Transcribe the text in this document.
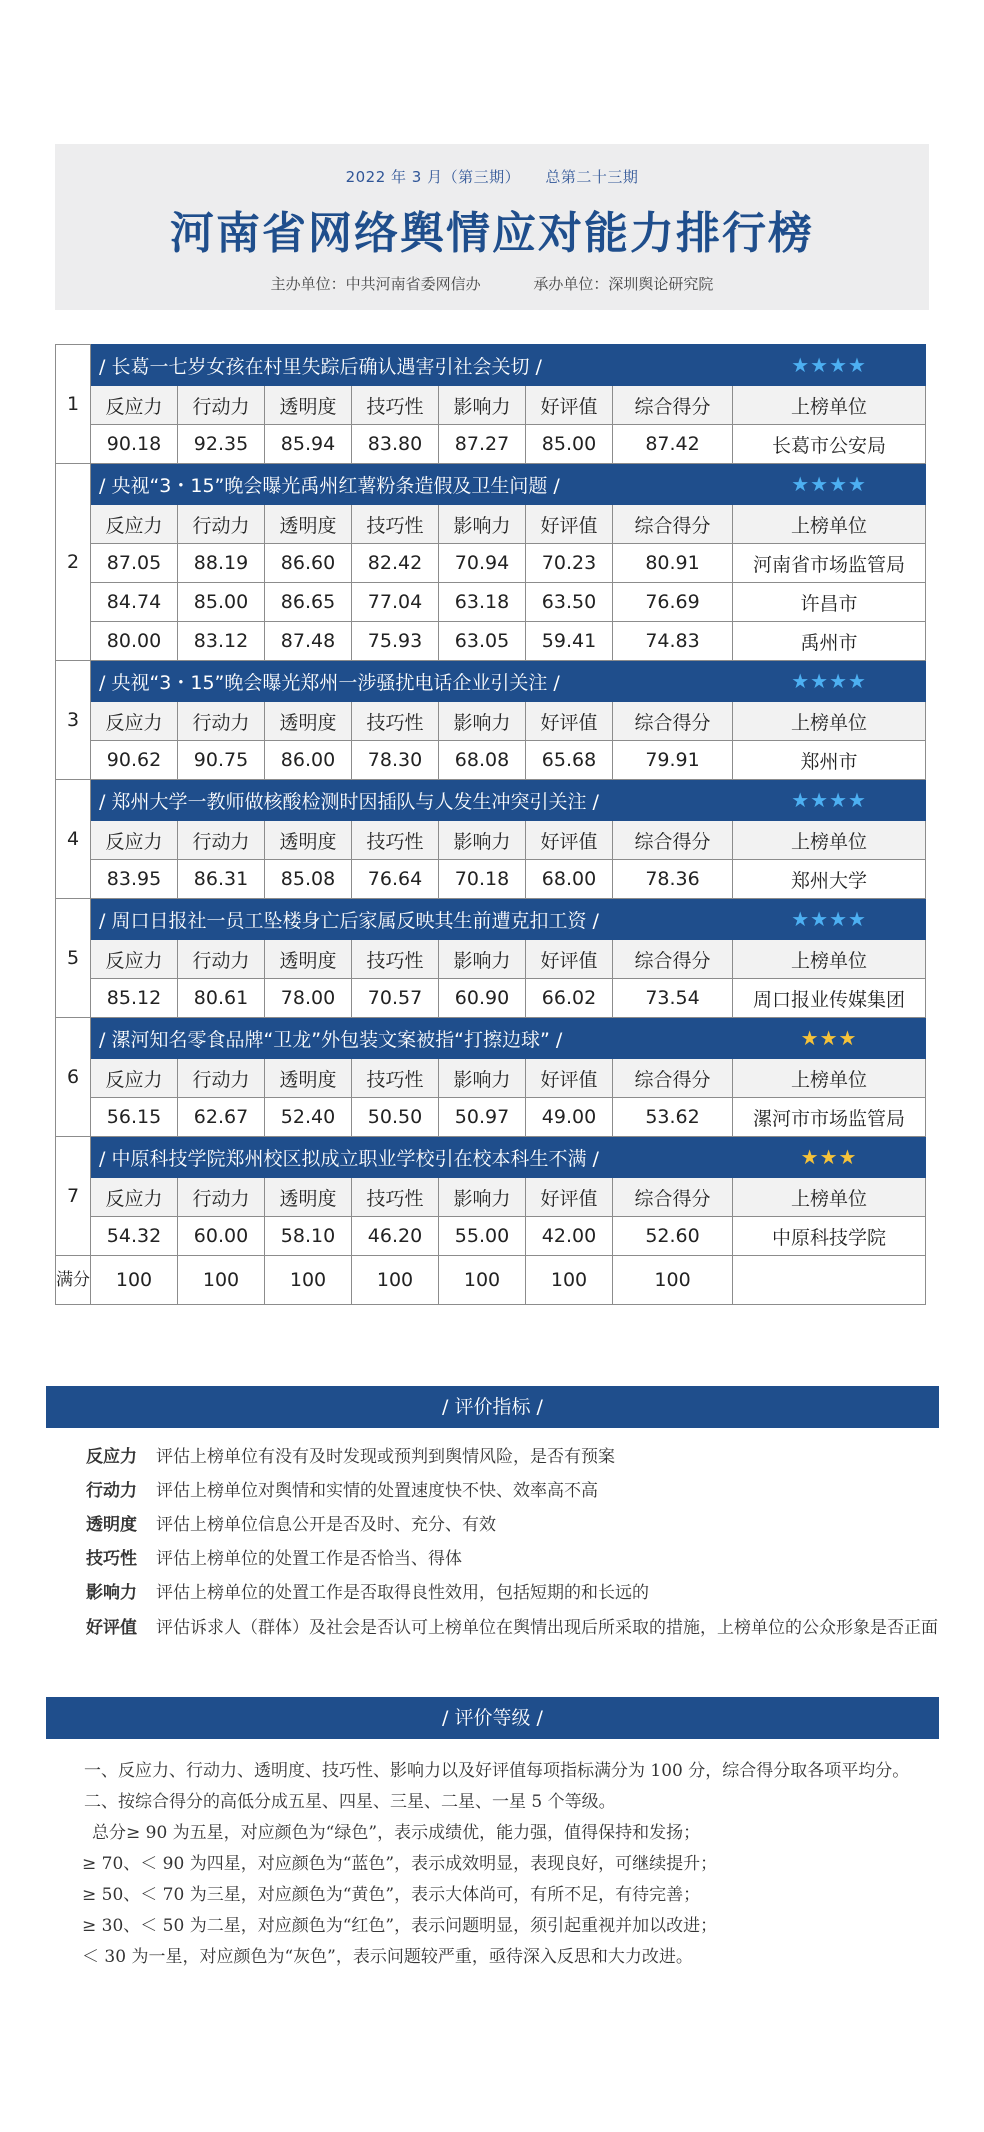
2022 年 3 月（第三期） 总第二十三期
河南省网络舆情应对能力排行榜
主办单位：中共河南省委网信办	承办单位：深圳舆论研究院
1	/ 长葛一七岁女孩在村里失踪后确认遇害引社会关切 /							★★★★
	反应力	行动力	透明度	技巧性	影响力	好评值	综合得分	上榜单位
	90.18	92.35	85.94	83.80	87.27	85.00	87.42	长葛市公安局
2	/ 央视“3・15”晚会曝光禹州红薯粉条造假及卫生问题 /							★★★★
	反应力	行动力	透明度	技巧性	影响力	好评值	综合得分	上榜单位
	87.05	88.19	86.60	82.42	70.94	70.23	80.91	河南省市场监管局
	84.74	85.00	86.65	77.04	63.18	63.50	76.69	许昌市
	80.00	83.12	87.48	75.93	63.05	59.41	74.83	禹州市
3	/ 央视“3・15”晚会曝光郑州一涉骚扰电话企业引关注 /							★★★★
	反应力	行动力	透明度	技巧性	影响力	好评值	综合得分	上榜单位
	90.62	90.75	86.00	78.30	68.08	65.68	79.91	郑州市
4	/ 郑州大学一教师做核酸检测时因插队与人发生冲突引关注 /							★★★★
	反应力	行动力	透明度	技巧性	影响力	好评值	综合得分	上榜单位
	83.95	86.31	85.08	76.64	70.18	68.00	78.36	郑州大学
5	/ 周口日报社一员工坠楼身亡后家属反映其生前遭克扣工资 /							★★★★
	反应力	行动力	透明度	技巧性	影响力	好评值	综合得分	上榜单位
	85.12	80.61	78.00	70.57	60.90	66.02	73.54	周口报业传媒集团
6	/ 漯河知名零食品牌“卫龙”外包装文案被指“打擦边球” /							★★★
	反应力	行动力	透明度	技巧性	影响力	好评值	综合得分	上榜单位
	56.15	62.67	52.40	50.50	50.97	49.00	53.62	漯河市市场监管局
7	/ 中原科技学院郑州校区拟成立职业学校引在校本科生不满 /							★★★
	反应力	行动力	透明度	技巧性	影响力	好评值	综合得分	上榜单位
	54.32	60.00	58.10	46.20	55.00	42.00	52.60	中原科技学院
满分	100	100	100	100	100	100	100	
/ 评价指标 /
反应力 评估上榜单位有没有及时发现或预判到舆情风险，是否有预案
行动力 评估上榜单位对舆情和实情的处置速度快不快、效率高不高
透明度 评估上榜单位信息公开是否及时、充分、有效
技巧性 评估上榜单位的处置工作是否恰当、得体
影响力 评估上榜单位的处置工作是否取得良性效用，包括短期的和长远的
好评值 评估诉求人（群体）及社会是否认可上榜单位在舆情出现后所采取的措施，上榜单位的公众形象是否正面
/ 评价等级 /

一、反应力、行动力、透明度、技巧性、影响力以及好评值每项指标满分为 100 分，综合得分取各项平均分。

二、按综合得分的高低分成五星、四星、三星、二星、一星 5 个等级。

总分≥ 90 为五星，对应颜色为“绿色”，表示成绩优，能力强，值得保持和发扬；

≥ 70、＜ 90 为四星，对应颜色为“蓝色”，表示成效明显，表现良好，可继续提升；

≥ 50、＜ 70 为三星，对应颜色为“黄色”，表示大体尚可，有所不足，有待完善；

≥ 30、＜ 50 为二星，对应颜色为“红色”，表示问题明显，须引起重视并加以改进；

＜ 30 为一星，对应颜色为“灰色”，表示问题较严重，亟待深入反思和大力改进。
